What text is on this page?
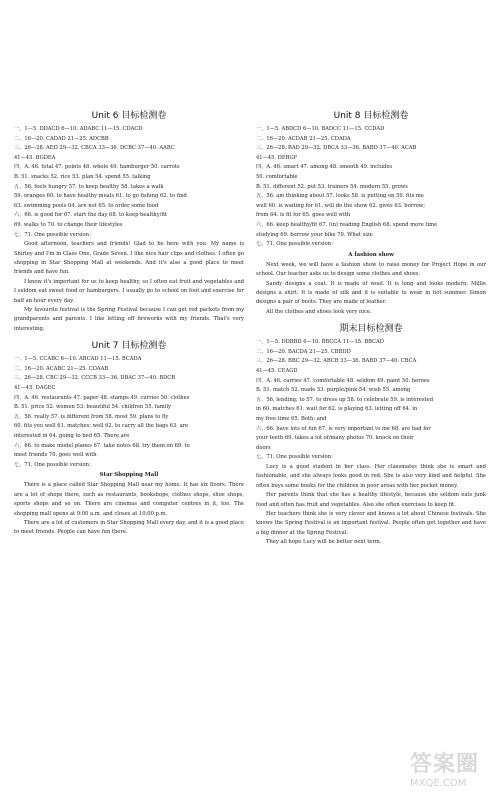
Unit 6 目标检测卷
一、1—5. DDACD 6—10. ADABC 11—15. CDACD
二、16—20. CADAD 21—25. ADCBB
三、26—28. AED 29—32. CBCA 33—36. DCBC 37—40. AABC
41—45. BGDEA
四、A. 46. total 47. points 48. whole 49. hamburger 50. carrots
B. 51. snacks 52. rice 53. plan 54. spend 55. talking
五、56. feels hungry 57. to keep healthy 58. takes a walk
59. oranges 60. to have healthy meals 61. to go fishing 62. to find
63. swimming pools 64. are not 65. to order some food
六、66. is good for 67. start the day 68. to keep healthy/fit
69. walks to 70. to change their lifestyles
七、71. One possible version：

Good afternoon, teachers and friends! Glad to be here with you. My name is Shirley and I'm in Class One, Grade Seven. I like nice hair clips and clothes. I often go shopping in Star Shopping Mall at weekends. And it's also a good place to meet friends and have fun.

I know it's important for us to keep healthy, so I often eat fruit and vegetables and I seldom eat sweet food or hamburgers. I usually go to school on foot and exercise for half an hour every day.

My favourite festival is the Spring Festival because I can get red packets from my grandparents and parents. I like letting off fireworks with my friends. That's very interesting.

Unit 7 目标检测卷
一、1—5. CCABC 6—10. ABCAD 11—15. BCADA
二、16—20. ACABC 21—25. CDAAB
三、26—28. CBC 29—32. CCCB 33—36. DBAC 37—40. BDCB
41—45. DAGEC
四、A. 46. restaurants 47. paper 48. stamps 49. curries 50. clothes
B. 51. price 52. women 53. beautiful 54. children 55. family
五、56. really 57. is different from 58. most 59. plans to fly
60. fits you well 61. matches; well 62. to carry all the bags 63. are
interested in 64. going to bed 65. There are
六、66. to make model planes 67. take notes 68. try them on 69. to
meet friends 70. goes well with
七、71. One possible version：
Star Shopping Mall

There is a place called Star Shopping Mall near my home. It has six floors. There are a lot of shops there, such as restaurants, bookshops, clothes shops, shoe shops, sports shops and so on. There are cinemas and computer centres in it, too. The shopping mall opens at 9:00 a.m. and closes at 10:00 p.m.

There are a lot of customers in Star Shopping Mall every day, and it is a good place to meet friends. People can have fun there.

Unit 8 目标检测卷
一、1—5. ABDCD 6—10. BADCC 11—15. CCDAD
二、16—20. ACDAB 21—25. CDADA
三、26—28. BAD 29—32. DBCA 33—36. BABD 37—40. ACAB
41—45. DEBGF
四、A. 46. smart 47. among 48. smooth 49. includes
50. comfortable
B. 51. different 52. put 53. trainers 54. modern 55. grows
五、56. am thinking about 57. looks 58. is putting on 59. fits me
well 60. is waiting for 61. will do the show 62. gives 63. borrow;
from 64. is fit for 65. goes well with
六、66. keep healthy/fit 67. (in) reading English 68. spend more time
studying 69. borrow your bike 70. What size
七、71. One possible version：
A fashion show

Next week, we will have a fashion show to raise money for Project Hope in our school. Our teacher asks us to design some clothes and shoes.

Sandy designs a coat. It is made of wool. It is long and looks modern. Millie designs a shirt. It is made of silk and it is suitable to wear in hot summer. Simon designs a pair of boots. They are made of leather.

All the clothes and shoes look very nice.

期末目标检测卷
一、1—5. DDBBD 6—10. BBCCA 11—15. BBCAD
二、16—20. BACDA 21—25. CBBDD
三、26—28. BBC 29—32. ABCB 33—36. BABD 37—40. CBCA
41—45. CEAGD
四、A. 46. carries 47. comfortable 48. seldom 49. paint 50. heroes
B. 51. match 52. made 53. purple/pink 54. wish 55. among
五、56. lending; to 57. to dress up 58. to celebrate 59. is interested
in 60. matches 61. wait for 62. is playing 63. letting off 64. in
my free time 65. Both; and
六、66. have lots of fun 67. is very important to me 68. are bad for
your teeth 69. takes a lot of/many photos 70. knock on their
doors
七、71. One possible version：

Lucy is a good student in her class. Her classmates think she is smart and fashionable, and she always looks good in red. She is also very kind and helpful. She often buys some books for the children in poor areas with her pocket money.

Her parents think that she has a healthy lifestyle, because she seldom eats junk food and often has fruit and vegetables. Also she often exercises to keep fit.

Her teachers think she is very clever and knows a lot about Chinese festivals. She knows the Spring Festival is an important festival. People often get together and have a big dinner at the Spring Festival.

They all hope Lucy will be better next term.

答案圈
MXQE.COM
